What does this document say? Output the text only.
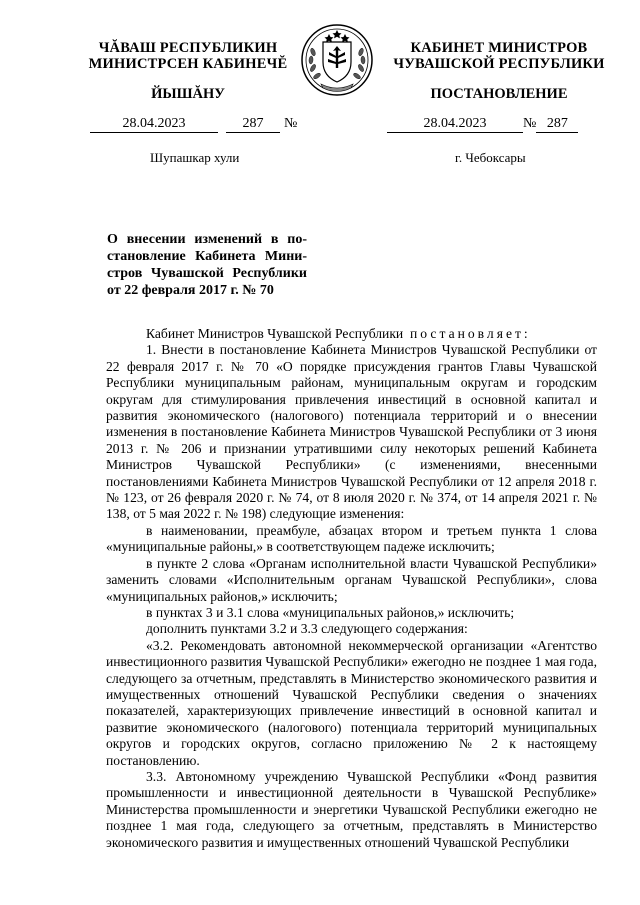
ЧĂВАШ РЕСПУБЛИКИН
МИНИСТРСЕН КАБИНЕЧĔ
ЙЫШĂНУ
КАБИНЕТ МИНИСТРОВ
ЧУВАШСКОЙ РЕСПУБЛИКИ
ПОСТАНОВЛЕНИЕ
28.04.2023	287 №	28.04.2023	№ 287
Шупашкар хули	г. Чебоксары
О внесении изменений в по-
становление Кабинета Мини-
стров Чувашской Республики
от 22 февраля 2017 г. № 70

Кабинет Министров Чувашской Республики постановляет:

1. Внести в постановление Кабинета Министров Чувашской Республики от 22 февраля 2017 г. № 70 «О порядке присуждения грантов Главы Чувашской Республики муниципальным районам, муниципальным округам и городским округам для стимулирования привлечения инвестиций в основной капитал и развития экономического (налогового) потенциала территорий и о внесении изменения в постановление Кабинета Министров Чувашской Республики от 3 июня 2013 г. № 206 и признании утратившими силу некоторых решений Кабинета Министров Чувашской Республики» (с изменениями, внесенными постановлениями Кабинета Министров Чувашской Республики от 12 апреля 2018 г. № 123, от 26 февраля 2020 г. № 74, от 8 июля 2020 г. № 374, от 14 апреля 2021 г. № 138, от 5 мая 2022 г. № 198) следующие изменения:

в наименовании, преамбуле, абзацах втором и третьем пункта 1 слова «муниципальные районы,» в соответствующем падеже исключить;

в пункте 2 слова «Органам исполнительной власти Чувашской Республики» заменить словами «Исполнительным органам Чувашской Республики», слова «муниципальных районов,» исключить;

в пунктах 3 и 3.1 слова «муниципальных районов,» исключить;

дополнить пунктами 3.2 и 3.3 следующего содержания:

«3.2. Рекомендовать автономной некоммерческой организации «Агентство инвестиционного развития Чувашской Республики» ежегодно не позднее 1 мая года, следующего за отчетным, представлять в Министерство экономического развития и имущественных отношений Чувашской Республики сведения о значениях показателей, характеризующих привлечение инвестиций в основной капитал и развитие экономического (налогового) потенциала территорий муниципальных округов и городских округов, согласно приложению № 2 к настоящему постановлению.

3.3. Автономному учреждению Чувашской Республики «Фонд развития промышленности и инвестиционной деятельности в Чувашской Республике» Министерства промышленности и энергетики Чувашской Республики ежегодно не позднее 1 мая года, следующего за отчетным, представлять в Министерство экономического развития и имущественных отношений Чувашской Республики
